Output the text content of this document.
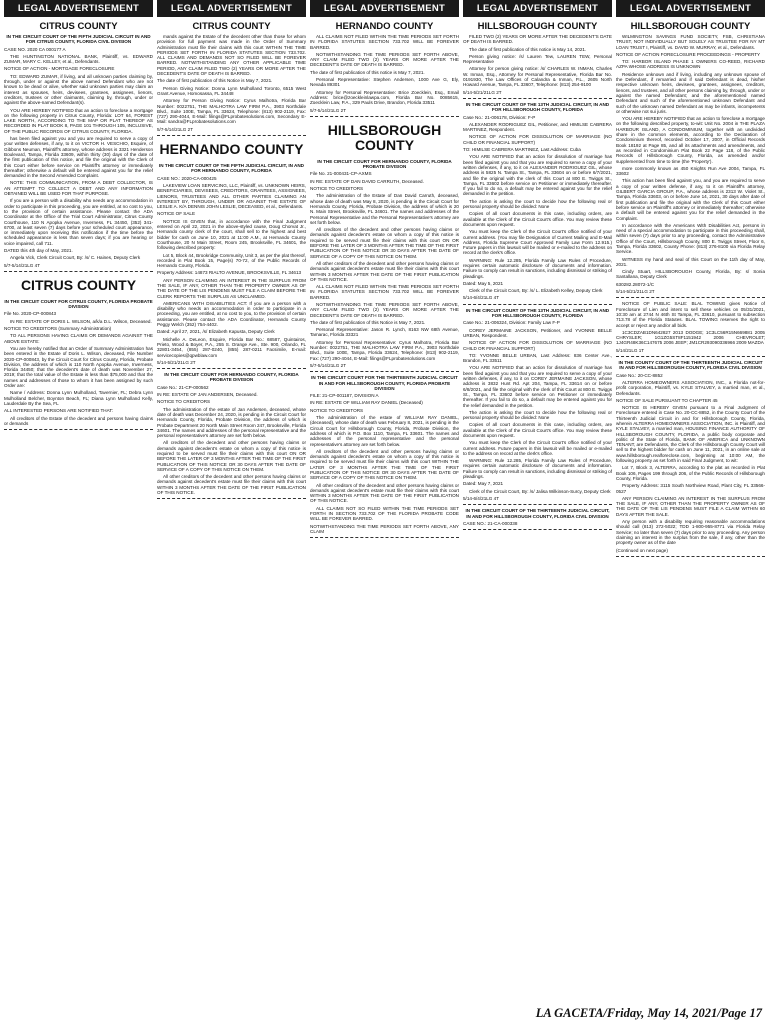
LEGAL ADVERTISEMENT
CITRUS COUNTY
IN THE CIRCUIT COURT OF THE FIFTH JUDICIAL CIRCUIT IN AND FOR CITRUS COUNTY, FLORIDA CIVIL DIVISION
CASE NO. 2020 CA 000177 A
THE HUNTINGTON NATIONAL BANK, Plaintiff, vs. EDWARD ZUMAR, MARY C. KELLEY, et al., Defendants.
NOTICE OF ACTION - MORTGAGE FORECLOSURE
TO: EDWARD ZUMAR, if living, and all unknown parties claiming by, through, under or against the above named Defendant who are not known to be dead or alive, whether said unknown parties may claim an interest as spouses, heirs, devisees, grantees, assignees, lienors, creditors, trustees or other claimants, claiming by, through, under or against the above-named Defendant(s).
YOU ARE HEREBY NOTIFIED that an action to foreclose a mortgage on the following property in Citrus County, Florida: LOT 64, FOREST LAKE NORTH, ACCORDING TO THE MAP OR PLAT THEREOF AS RECORDED IN PLAT BOOK 8, PAGE 101 THROUGH 105, INCLUSIVE, OF THE PUBLIC RECORDS OF CITRUS COUNTY, FLORIDA.
has been filed against you and you are required to serve a copy of your written defenses, if any, to it on VICTOR H. VESCHIO, Esquire, of Gibbons Neuman, Plaintiff's attorney, whose address is 3321 Henderson Boulevard, Tampa, Florida 33609, within thirty (30) days of the date of the first publication of this notice, and file the original with the Clerk of this Court either before service on Plaintiff's attorney or immediately thereafter; otherwise a default will be entered against you for the relief demanded in the Second Amended Complaint.
NOTE: THIS COMMUNICATION, FROM A DEBT COLLECTOR, IS AN ATTEMPT TO COLLECT A DEBT AND ANY INFORMATION OBTAINED WILL BE USED FOR THAT PURPOSE.
If you are a person with a disability who needs any accommodation in order to participate in this proceeding, you are entitled, at no cost to you, to the provision of certain assistance. Please contact the ADA Coordinator at the Office of the Trial Court Administrator, Citrus County Courthouse, 110 N Apopka Avenue, Inverness, FL 34450, (352) 341-6700, at least seven (7) days before your scheduled court appearance, or immediately upon receiving this notification if the time before the scheduled appearance is less than seven days; if you are hearing or voice impaired, call 711.
DATED this 4th day of May, 2021.
Angela Vick, Clerk Circuit Court, By: /s/ C. Haines, Deputy Clerk
5/7-5/14/21LG 4T
CITRUS COUNTY
IN THE CIRCUIT COURT FOR CITRUS COUNTY, FLORIDA PROBATE DIVISION
File No. 2020-CP-000843
IN RE: ESTATE OF DORIS L. WILSON, a/k/a D.L. Wilson, Deceased.
NOTICE TO CREDITORS (Summary Administration)
TO ALL PERSONS HAVING CLAIMS OR DEMANDS AGAINST THE ABOVE ESTATE:
You are hereby notified that an Order of Summary Administration has been entered in the Estate of Doris L. Wilson, deceased, File Number 2020-CP-000843, by the Circuit Court for Citrus County, Florida, Probate Division, the address of which is 110 North Apopka Avenue, Inverness, Florida 34450; that the decedent's date of death was November 27, 2019; that the total value of the Estate is less than $75,000 and that the names and addresses of those to whom it has been assigned by such Order are:
Name / Address: Donna Lynn Mulholland, Tavernier, FL; Debra Lynn Mulholland Belcher, Boynton Beach, FL; Diana Lynn Mulholland Kelly, Lauderdale By the Sea, FL
ALL INTERESTED PERSONS ARE NOTIFIED THAT:
All creditors of the Estate of the decedent and persons having claims or demands
LEGAL ADVERTISEMENT
CITRUS COUNTY
mands against the Estate of the decedent other than those for whom provision for full payment was made in the Order of Summary Administration must file their claims with this court WITHIN THE TIME PERIODS SET FORTH IN FLORIDA STATUTES SECTION 733.702. ALL CLAIMS AND DEMANDS NOT SO FILED WILL BE FOREVER BARRED. NOTWITHSTANDING ANY OTHER APPLICABLE TIME PERIOD, ANY CLAIM FILED TWO (2) YEARS OR MORE AFTER THE DECEDENT'S DATE OF DEATH IS BARRED.
The date of first publication of this Notice is May 7, 2021.
Person Giving Notice: Donna Lynn Mulholland Toronto, 6515 West Grant Avenue, Homosassa, FL 34448
Attorney for Person Giving Notice: Cyrus Malhotra, Florida Bar Number: 0022751, THE MALHOTRA LAW FIRM P.A., 3903 Northdale Blvd., Suite 100E, Tampa, FL 33624, Telephone: (813) 902-2119, Fax: (727) 290-4044, E-Mail: filings@FLprobatesolutions.com, Secondary E-Mail: sandra@FLprobatesolutions.com
5/7-5/14/21LG 2T
HERNANDO COUNTY
IN THE CIRCUIT COURT OF THE FIFTH JUDICIAL CIRCUIT, IN AND FOR HERNANDO COUNTY, FLORIDA
CASE NO.: 2020-CA-000425
LAKEVIEW LOAN SERVICING, LLC, Plaintiff, vs. UNKNOWN HEIRS, BENEFICIARIES, DEVISEES, CREDITORS, GRANTEES, ASSIGNEES, LIENORS, TRUSTEES AND ALL OTHER PARTIES CLAIMING AN INTEREST BY, THROUGH, UNDER OR AGAINST THE ESTATE OF LESLIE A. K/A DENNIS JOHN LESLIE, DECEASED, et al., Defendants.
NOTICE OF SALE
NOTICE IS GIVEN that, in accordance with the Final Judgment entered on April 22, 2021 in the above-styled cause, Doug Chorvat Jr., Hernando county clerk of the court, shall sell to the highest and best bidder for cash on June 10, 2021 at 11:00 A.M., at Hernando County Courthouse, 20 N Main Street, Room 245, Brooksville, FL 34601, the following described property:
Lot 5, Block 44, Brookridge Community, Unit 3, as per the plat thereof, recorded in Plat Book 15, Page(s) 70-72, of the Public Records of Hernando County, Florida.
Property Address: 14873 RIALTO AVENUE, BROOKSVILLE, FL 34613
ANY PERSON CLAIMING AN INTEREST IN THE SURPLUS FROM THE SALE, IF ANY, OTHER THAN THE PROPERTY OWNER AS OF THE DATE OF THE LIS PENDENS MUST FILE A CLAIM BEFORE THE CLERK REPORTS THE SURPLUS AS UNCLAIMED.
AMERICANS WITH DISABILITIES ACT: If you are a person with a disability who needs an accommodation in order to participate in a proceeding, you are entitled, at no cost to you, to the provision of certain assistance. Please contact the ADA Coordinator, Hernando County Peggy Welch (352) 754-4402.
Dated: April 27, 2021, /s/ Elizabeth Kapusta, Deputy Clerk
Michelle A. DeLeon, Esquire, Florida Bar No.: 68587, Quintairos, Prieto, Wood & Boyer, P.A., 255 S. Orange Ave., Ste. 900, Orlando, FL 32801-3454, (855) 287-0240, (855) 287-0211 Facsimile, E-mail: servicecopies@qpwblaw.com
5/14-5/21/21LG 2T
IN THE CIRCUIT COURT FOR HERNANDO COUNTY, FLORIDA PROBATE DIVISION
Case No.: 21-CP-000562
IN RE: ESTATE OF JAN ANDERSEN, Deceased.
NOTICE TO CREDITORS
The administration of the estate of Jan Andersen, deceased, whose date of death was December 24, 2020, is pending in the Circuit Court for Hernando County, Florida, Probate Division, the address of which is Probate Department 20 North Main Street Room 247, Brooksville, Florida 34601. The names and addresses of the personal representative and the personal representative's attorney are set forth below.
All creditors of the decedent and other persons having claims or demands against decedent's estate on whom a copy of this notice is required to be served must file their claims with this court ON OR BEFORE THE LATER OF 3 MONTHS AFTER THE TIME OF THE FIRST PUBLICATION OF THIS NOTICE OR 30 DAYS AFTER THE DATE OF SERVICE OF A COPY OF THIS NOTICE ON THEM.
All other creditors of the decedent and other persons having claims or demands against decedent's estate must file their claims with this court WITHIN 3 MONTHS AFTER THE DATE OF THE FIRST PUBLICATION OF THIS NOTICE.
LEGAL ADVERTISEMENT
HERNANDO COUNTY
ALL CLAIMS NOT FILED WITHIN THE TIME PERIODS SET FORTH IN FLORIDA STATUTES SECTION 733.702 WILL BE FOREVER BARRED.
NOTWITHSTANDING THE TIME PERIODS SET FORTH ABOVE, ANY CLAIM FILED TWO (2) YEARS OR MORE AFTER THE DECEDENT'S DATE OF DEATH IS BARRED.
The date of first publication of this notice is May 7, 2021.
Personal Representative: Stephen Andersen, 1000 Ave G, Ely, Nevada 89301
Attorney for Personal Representative: Brice Zoecklein, Esq., Email Address: brice@zoeckleinlawpa.com, Florida Bar No. 0085615, Zoecklein Law, P.A., 329 Pauls Drive, Brandon, Florida 33511
5/7-5/14/21LG 2T
HILLSBOROUGH COUNTY
IN THE CIRCUIT COURT FOR HERNANDO COUNTY, FLORIDA PROBATE DIVISION
File No. 21-000431-CP-AXMS
IN RE: ESTATE OF DAN DAVID CARRUTH, Deceased.
NOTICE TO CREDITORS
The administration of the Estate of Dan David Carruth, deceased, whose date of death was May 8, 2020, is pending in the Circuit Court for Hernando County, Florida, Probate Division, the address of which is 20 N. Main Street, Brooksville, FL 34601. The names and addresses of the Personal Representative and the Personal Representative's attorney are set forth below.
All creditors of the decedent and other persons having claims or demands against decedent's estate on whom a copy of this notice is required to be served must file their claims with this court ON OR BEFORE THE LATER OF 3 MONTHS AFTER THE TIME OF THE FIRST PUBLICATION OF THIS NOTICE OR 30 DAYS AFTER THE DATE OF SERVICE OF A COPY OF THIS NOTICE ON THEM.
All other creditors of the decedent and other persons having claims or demands against decedent's estate must file their claims with this court WITHIN 3 MONTHS AFTER THE DATE OF THE FIRST PUBLICATION OF THIS NOTICE.
ALL CLAIMS NOT FILED WITHIN THE TIME PERIODS SET FORTH IN FLORIDA STATUTES SECTION 733.702 WILL BE FOREVER BARRED.
NOTWITHSTANDING THE TIME PERIODS SET FORTH ABOVE, ANY CLAIM FILED TWO (2) YEARS OR MORE AFTER THE DECEDENT'S DATE OF DEATH IS BARRED.
The date of first publication of this Notice is May 7, 2021.
Personal Representative: Jason R. Lynch, 8163 NW 68th Avenue, Tamarac, Florida 33321
Attorney for Personal Representative: Cyrus Malhotra, Florida Bar Number: 0022751, THE MALHOTRA LAW FIRM P.A., 3903 Northdale Blvd., Suite 100E, Tampa, Florida 33624, Telephone: (813) 902-2119, Fax: (727) 290-4044, E-Mail: filings@FLprobatesolutions.com
5/7-5/14/21LG 2T
IN THE CIRCUIT COURT FOR THE THIRTEENTH JUDICIAL CIRCUIT IN AND FOR HILLSBOROUGH COUNTY, FLORIDA PROBATE DIVISION
FILE: 21-CP-001187, DIVISION A
IN RE: ESTATE OF WILLIAM RAY DANIEL (Deceased)
NOTICE TO CREDITORS
The administration of the estate of WILLIAM RAY DANIEL, (deceased), whose date of death was February 8, 2021, is pending in the Circuit Court for Hillsborough County, Florida, Probate Division, the address of which is P.O. Box 1110, Tampa, FL 33601. The names and addresses of the personal representative and the personal representative's attorney are set forth below.
All creditors of the decedent and other persons having claims or demands against decedent's estate on whom a copy of this notice is required to be served must file their claims with this court WITHIN THE LATER OF 3 MONTHS AFTER THE TIME OF THE FIRST PUBLICATION OF THIS NOTICE OR 30 DAYS AFTER THE DATE OF SERVICE OF A COPY OF THIS NOTICE ON THEM.
All other creditors of the decedent and other persons having claims or demands against decedent's estate must file their claims with this court WITHIN 3 MONTHS AFTER THE DATE OF THE FIRST PUBLICATION OF THIS NOTICE.
ALL CLAIMS NOT SO FILED WITHIN THE TIME PERIODS SET FORTH IN SECTION 733.702 OF THE FLORIDA PROBATE CODE WILL BE FOREVER BARRED.
NOTWITHSTANDING THE TIME PERIODS SET FORTH ABOVE, ANY CLAIM
LEGAL ADVERTISEMENT
HILLSBOROUGH COUNTY
FILED TWO (2) YEARS OR MORE AFTER THE DECEDENT'S DATE OF DEATH IS BARRED.
The date of first publication of this notice is May 14, 2021.
Person giving notice: /s/ Lauren Tew, LAUREN TEW, Personal Representative
Attorney for person giving notice: /s/ CHARLES W. INMAN, Charles W. Inman, Esq., Attorney for Personal Representative, Florida Bar No. 0191930, The Law Offices of Calandra & Inman, P.L., 2605 North Howard Avenue, Tampa, FL 33607, Telephone: (813) 254-9100
5/14-5/21/21LG 2T
IN THE CIRCUIT COURT OF THE 13TH JUDICIAL CIRCUIT, IN AND FOR HILLSBOROUGH COUNTY, FLORIDA
Case No.: 21-006178, Division: F-P
ALEXANDER RODRIGUEZ GIL, Petitioner, and HIMILSE CABRERA MARTINEZ, Respondent.
NOTICE OF ACTION FOR DISSOLUTION OF MARRIAGE (NO CHILD OR FINANCIAL SUPPORT)
TO: HIMILSE CABRERA MARTINEZ, Last Address: Cuba
YOU ARE NOTIFIED that an action for dissolution of marriage has been filed against you and that you are required to serve a copy of your written defenses, if any, to it on ALEXANDER RODRIGUEZ GIL, whose address is 5825 N. Tampa St., Tampa, FL 33604 on or before 6/7/2021, and file the original with the clerk of this Court at 800 E. Twiggs St., Tampa, FL 33602 before service on Petitioner or immediately thereafter. If you fail to do so, a default may be entered against you for the relief demanded in the petition.
The action is asking the court to decide how the following real or personal property should be divided: None
Copies of all court documents in this case, including orders, are available at the Clerk of the Circuit Court's office. You may review these documents upon request.
You must keep the Clerk of the Circuit Court's office notified of your current address. (You may file Designation of Current Mailing and E-Mail Address, Florida Supreme Court Approved Family Law Form 12.915.) Future papers in this lawsuit will be mailed or e-mailed to the address on record at the clerk's office.
WARNING: Rule 12.285, Florida Family Law Rules of Procedure, requires certain automatic disclosure of documents and information. Failure to comply can result in sanctions, including dismissal or striking of pleadings.
Dated: May 5, 2021
Clerk of the Circuit Court, By: /s/ L. Elizabeth Kelley, Deputy Clerk
5/14-6/4/21LG 4T
IN THE CIRCUIT COURT OF THE 13TH JUDICIAL CIRCUIT, IN AND FOR HILLSBOROUGH COUNTY, FLORIDA
Case No.: 21-006324, Division: Family Law F-P
COREY JERMAINE JACKSON, Petitioner, and YVONNE BELLE URBAN, Respondent.
NOTICE OF ACTION FOR DISSOLUTION OF MARRIAGE (NO CHILD OR FINANCIAL SUPPORT)
TO: YVONNE BELLE URBAN, Last Address: 836 Center Ave., Brandon, FL 33511
YOU ARE NOTIFIED that an action for dissolution of marriage has been filed against you and that you are required to serve a copy of your written defenses, if any, to it on COREY JERMAINE JACKSON, whose address is 3832 Hunt Rd. Apt 204, Tampa, FL 33614 on or before 6/8/2021, and file the original with the clerk of this Court at 800 E. Twiggs St., Tampa, FL 33602 before service on Petitioner or immediately thereafter. If you fail to do so, a default may be entered against you for the relief demanded in the petition.
The action is asking the court to decide how the following real or personal property should be divided: None
Copies of all court documents in this case, including orders, are available at the Clerk of the Circuit Court's office. You may review these documents upon request.
You must keep the Clerk of the Circuit Court's office notified of your current address. Future papers in this lawsuit will be mailed or e-mailed to the address on record at the clerk's office.
WARNING: Rule 12.285, Florida Family Law Rules of Procedure, requires certain automatic disclosure of documents and information. Failure to comply can result in sanctions, including dismissal or striking of pleadings.
Dated: May 7, 2021
Clerk of the Circuit Court, By: /s/ Jalisa Wilkinson-Surcy, Deputy Clerk
5/14-6/4/21LG 4T
IN THE CIRCUIT COURT OF THE THIRTEENTH JUDICIAL CIRCUIT, IN AND FOR HILLSBOROUGH COUNTY, FLORIDA CIVIL DIVISION
CASE NO.: 21-CA-000338
LEGAL ADVERTISEMENT
HILLSBOROUGH COUNTY
WILMINGTON SAVINGS FUND SOCIETY, FSB, CHRISTIANA TRUST, NOT INDIVIDUALLY BUT SOLELY AS TRUSTEE FOR NY MT LOAN TRUST I, Plaintiff, vs. DAVID W. MURRAY, et al., Defendants.
NOTICE OF ACTION FORECLOSURE PROCEEDINGS - PROPERTY
TO: HARBOR ISLAND PHASE 1 OWNERS CO-REED, RICHARD AZPA WHOSE ADDRESS IS UNKNOWN
Residence unknown and if living, including any unknown spouse of the Defendant, if remarried and if said Defendant is dead, his/her respective unknown heirs, devisees, grantees, assignees, creditors, lienors, and trustees, and all other persons claiming by, through, under or against the named Defendant; and the aforementioned named Defendant and such of the aforementioned unknown Defendant and such of the unknown named Defendant as may be infants, incompetents or otherwise not sui juris.
YOU ARE HEREBY NOTIFIED that an action to foreclose a mortgage on the following described property, to-wit: Unit No. 2004 in THE PLAZA HARBOUR ISLAND, A CONDOMINIUM, together with an undivided share in the common elements, according to the Declaration of Condominium thereof, recorded October 17, 2007, in Official Records Book 18192 at Page 85, and all its attachments and amendments, and as recorded in Condominium Plat Book 22 Page 118, of the Public Records of Hillsborough County, Florida, as amended and/or supplemented from time to time (the 'Property').
more commonly known as 450 Knights Run Ave 2004, Tampa, FL 33602
This action has been filed against you, and you are required to serve a copy of your written defense, if any, to it on Plaintiff's attorney, GILBERT GARCIA GROUP, P.A., whose address is 2313 W. Violet St., Tampa, Florida 33603, on or before June 14, 2021, 30 days after date of first publication and file the original with the Clerk of this Court either before service on Plaintiff's attorney or immediately thereafter; otherwise a default will be entered against you for the relief demanded in the Complaint.
In accordance with the Americans With Disabilities Act, persons in need of a special accommodation to participate in this proceeding shall, within seven (7) days prior to any proceeding, contact the Administrative Office of the Court, Hillsborough County, 800 E. Twiggs Street, Floor 6, Tampa, Florida 33602, County Phone: (813) 276-8100 via Florida Relay Service.
WITNESS my hand and seal of this Court on the 11th day of May, 2021.
Cindy Stuart, HILLSBOROUGH County, Florida, By: s/ Sonia Santallana, Deputy Clerk
630282.28072-1/C
5/14-5/21/21LG 2T
NOTICE OF PUBLIC SALE: BLAL TOWING gives Notice of Foreclosure of Lien and intent to sell these vehicles on 05/31/2021, 10:30 am at 2744 N 46th St Tampa, FL 33610, pursuant to subsection 713.78 of the Florida Statutes. BLAL TOWING reserves the right to accept or reject any and/or all bids.
1C3CDZAB1DN642827 2013 DODGE; 1C3LC56R15N669881 2005 CHRYSLER; 1G1ZG5ST8F1151942 2006 CHEVROLET; 1J4GR48K36C147675 2006 JEEP; JM1CR293090336966 2009 MAZDA
5/14/21LG 1T
IN THE COUNTY COURT OF THE THIRTEENTH JUDICIAL CIRCUIT IN AND FOR HILLSBOROUGH COUNTY, FLORIDA CIVIL DIVISION
Case No.: 20-CC-8852
ALTERRA HOMEOWNERS ASSOCIATION, INC., a Florida not-for-profit corporation, Plaintiff, vs. KYLE STALVEY, a married man, et al., Defendants.
NOTICE OF SALE PURSUANT TO CHAPTER 45
NOTICE IS HEREBY GIVEN pursuant to a Final Judgment of Foreclosure entered in Case No. 20-CC-8852, in the County Court of the Thirteenth Judicial Circuit in and for Hillsborough County, Florida, wherein ALTERRA HOMEOWNERS ASSOCIATION, INC. is Plaintiff, and KYLE STALVEY, a married man, HOUSING FINANCE AUTHORITY OF HILLSBOROUGH COUNTY, FLORIDA, a public body corporate and politic of the State of Florida, BANK OF AMERICA and UNKNOWN TENANT, are Defendants, the Clerk of the Hillsborough County Court will sell to the highest bidder for cash on June 11, 2021, in an online sale at www.hillsborough.realforeclose.com, beginning at 10:00 AM, the following property as set forth in said Final Judgment, to wit:
Lot 7, Block 3, ALTERRA, according to the plat as recorded in Plat Book 106, Pages 199 through 206, of the Public Records of Hillsborough County, Florida.
Property Address: 3115 South Northview Road, Plant City, FL 33566-0527
ANY PERSON CLAIMING AN INTEREST IN THE SURPLUS FROM THE SALE, IF ANY, OTHER THAN THE PROPERTY OWNER AS OF THE DATE OF THE LIS PENDENS MUST FILE A CLAIM WITHIN 60 DAYS AFTER THE SALE.
Any person with a disability requiring reasonable accommodations should call (813) 272-5022; TDD 1-800-955-8771 via Florida Relay Service; no later than seven (7) days prior to any proceeding. Any person claiming an interest in the surplus from the sale, if any, other than the property owner as of the date
(Continued on next page)
LA GACETA/Friday, May 14, 2021/Page 17
